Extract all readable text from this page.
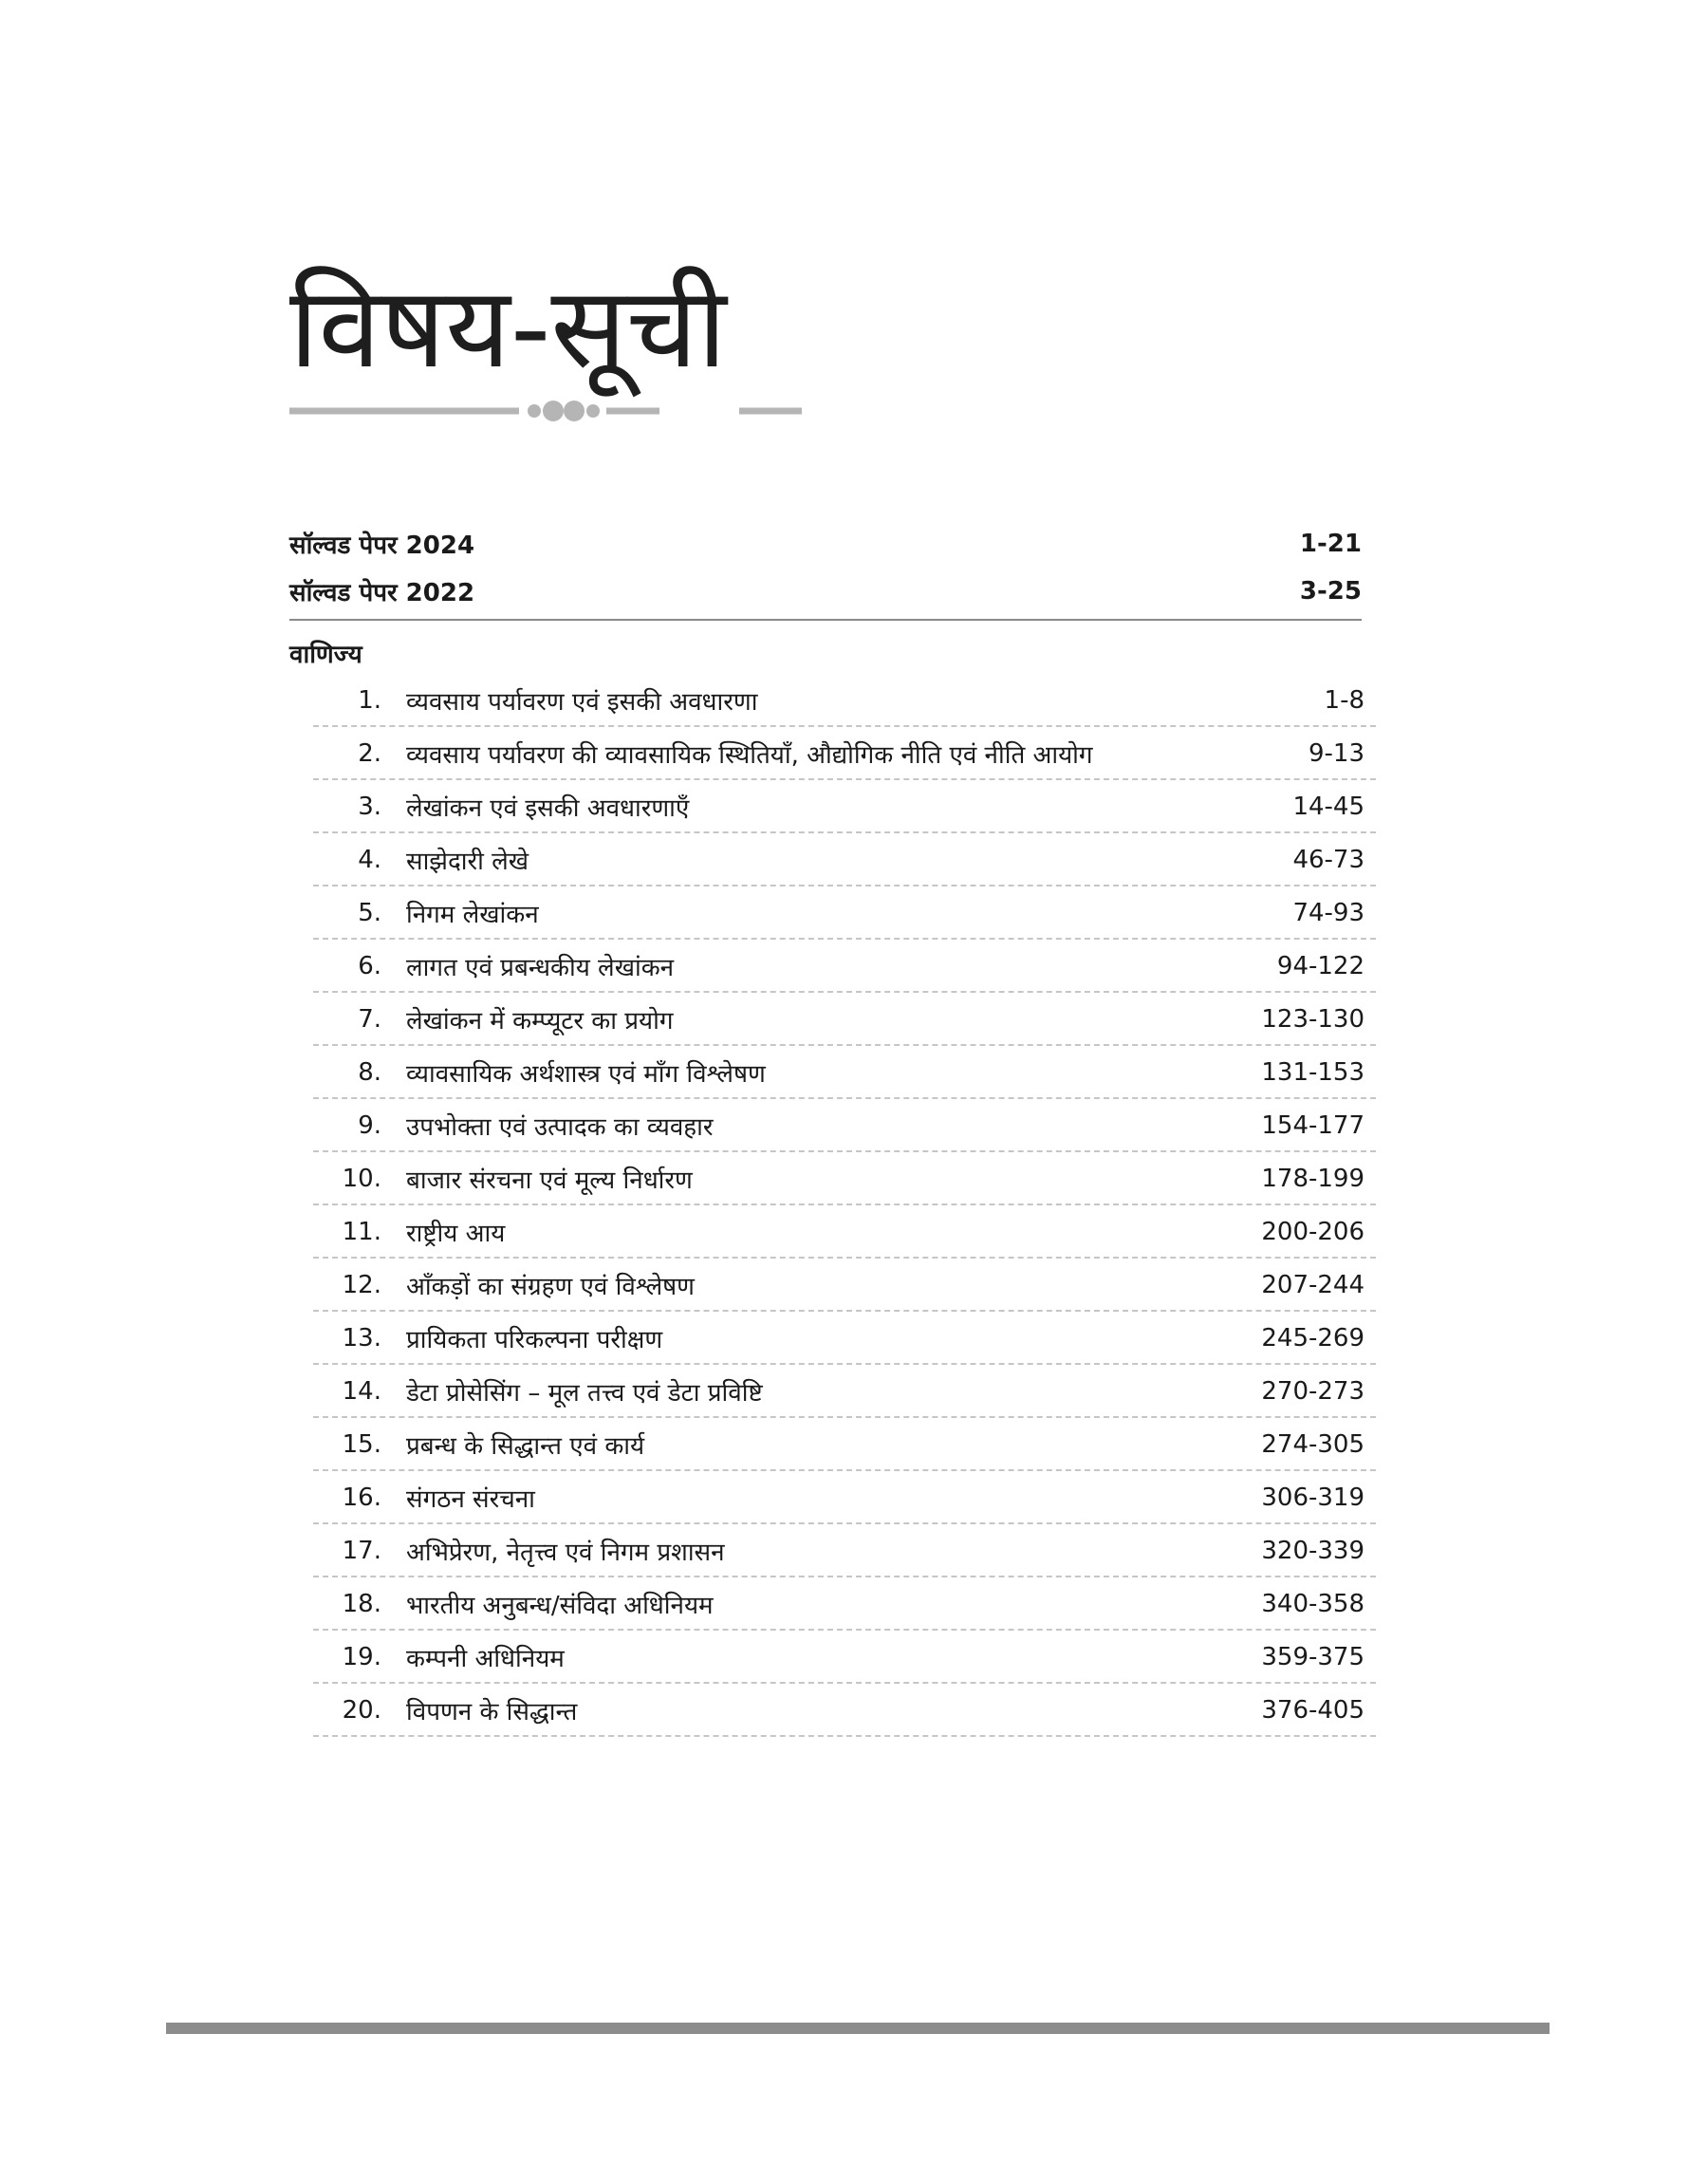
विषय-सूची
सॉल्वड पेपर 2024	1-21
सॉल्वड पेपर 2022	3-25
वाणिज्य
1.	व्यवसाय पर्यावरण एवं इसकी अवधारणा	1-8
2.	व्यवसाय पर्यावरण की व्यावसायिक स्थितियाँ, औद्योगिक नीति एवं नीति आयोग	9-13
3.	लेखांकन एवं इसकी अवधारणाएँ	14-45
4.	साझेदारी लेखे	46-73
5.	निगम लेखांकन	74-93
6.	लागत एवं प्रबन्धकीय लेखांकन	94-122
7.	लेखांकन में कम्प्यूटर का प्रयोग	123-130
8.	व्यावसायिक अर्थशास्त्र एवं माँग विश्लेषण	131-153
9.	उपभोक्ता एवं उत्पादक का व्यवहार	154-177
10.	बाजार संरचना एवं मूल्य निर्धारण	178-199
11.	राष्ट्रीय आय	200-206
12.	आँकड़ों का संग्रहण एवं विश्लेषण	207-244
13.	प्रायिकता परिकल्पना परीक्षण	245-269
14.	डेटा प्रोसेसिंग – मूल तत्त्व एवं डेटा प्रविष्टि	270-273
15.	प्रबन्ध के सिद्धान्त एवं कार्य	274-305
16.	संगठन संरचना	306-319
17.	अभिप्रेरण, नेतृत्त्व एवं निगम प्रशासन	320-339
18.	भारतीय अनुबन्ध/संविदा अधिनियम	340-358
19.	कम्पनी अधिनियम	359-375
20.	विपणन के सिद्धान्त	376-405
